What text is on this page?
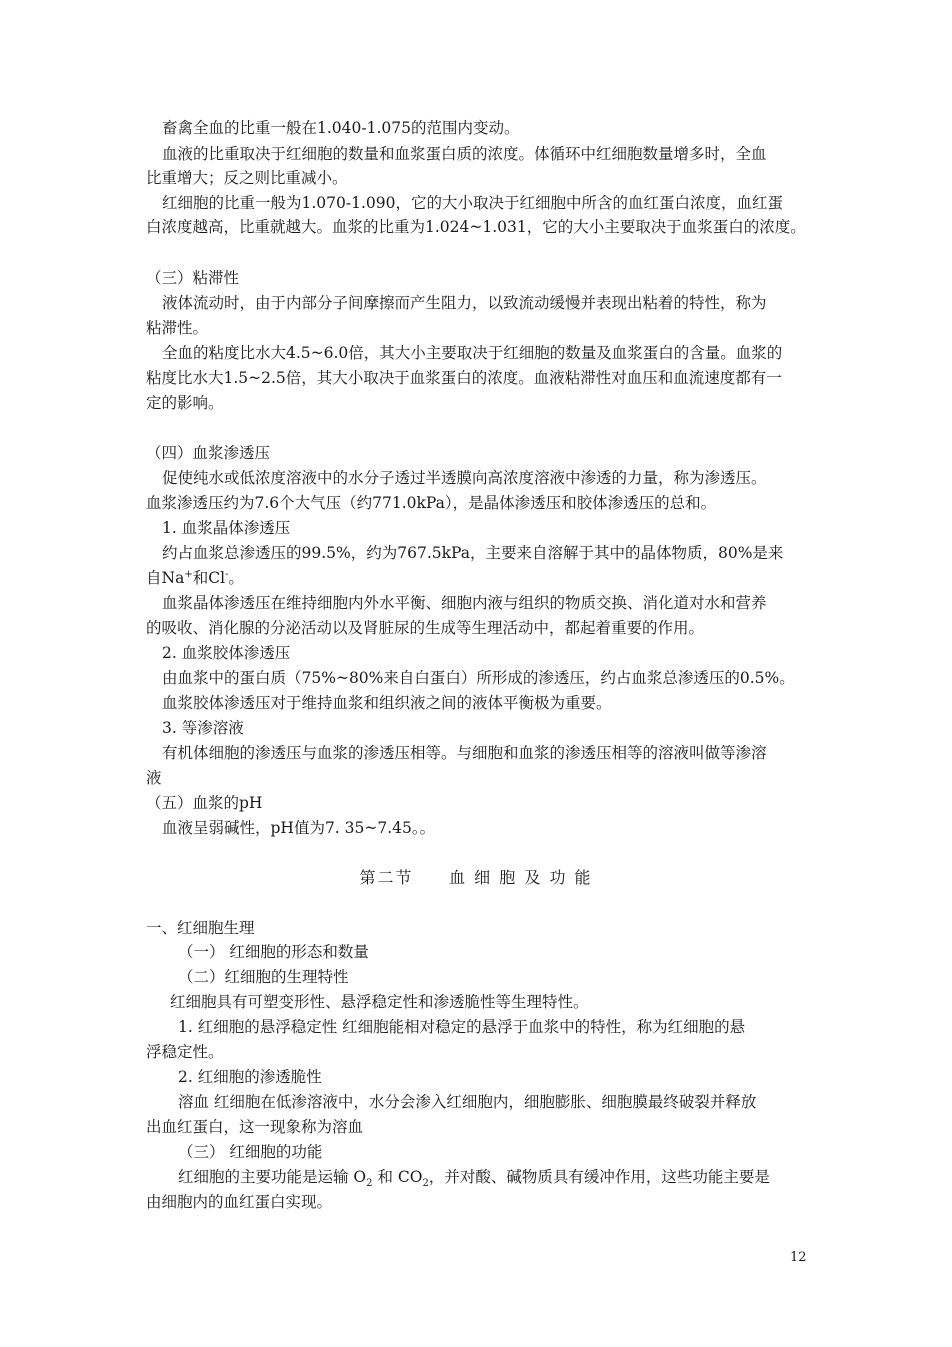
畜禽全血的比重一般在1.040-1.075的范围内变动。
血液的比重取决于红细胞的数量和血浆蛋白质的浓度。体循环中红细胞数量增多时，全血
比重增大；反之则比重减小。
红细胞的比重一般为1.070-1.090，它的大小取决于红细胞中所含的血红蛋白浓度，血红蛋
白浓度越高，比重就越大。血浆的比重为1.024~1.031，它的大小主要取决于血浆蛋白的浓度。
（三）粘滞性
液体流动时，由于内部分子间摩擦而产生阻力，以致流动缓慢并表现出粘着的特性，称为
粘滞性。
全血的粘度比水大4.5~6.0倍，其大小主要取决于红细胞的数量及血浆蛋白的含量。血浆的
粘度比水大1.5~2.5倍，其大小取决于血浆蛋白的浓度。血液粘滞性对血压和血流速度都有一
定的影响。
（四）血浆渗透压
促使纯水或低浓度溶液中的水分子透过半透膜向高浓度溶液中渗透的力量，称为渗透压。
血浆渗透压约为7.6个大气压（约771.0kPa），是晶体渗透压和胶体渗透压的总和。
1. 血浆晶体渗透压
约占血浆总渗透压的99.5%，约为767.5kPa，主要来自溶解于其中的晶体物质，80%是来
自Na+和Cl-。
血浆晶体渗透压在维持细胞内外水平衡、细胞内液与组织的物质交换、消化道对水和营养
的吸收、消化腺的分泌活动以及肾脏尿的生成等生理活动中，都起着重要的作用。
2. 血浆胶体渗透压
由血浆中的蛋白质（75%~80%来自白蛋白）所形成的渗透压，约占血浆总渗透压的0.5%。
血浆胶体渗透压对于维持血浆和组织液之间的液体平衡极为重要。
3. 等渗溶液
有机体细胞的渗透压与血浆的渗透压相等。与细胞和血浆的渗透压相等的溶液叫做等渗溶
液
（五）血浆的pH
血液呈弱碱性，pH值为7. 35~7.45。。
第二节 血 细 胞 及 功 能
一、红细胞生理
（一） 红细胞的形态和数量
（二）红细胞的生理特性
红细胞具有可塑变形性、悬浮稳定性和渗透脆性等生理特性。
1. 红细胞的悬浮稳定性 红细胞能相对稳定的悬浮于血浆中的特性，称为红细胞的悬
浮稳定性。
2. 红细胞的渗透脆性
溶血 红细胞在低渗溶液中，水分会渗入红细胞内，细胞膨胀、细胞膜最终破裂并释放
出血红蛋白，这一现象称为溶血
（三） 红细胞的功能
红细胞的主要功能是运输 $O_2$ 和 $CO_2$，并对酸、碱物质具有缓冲作用，这些功能主要是
由细胞内的血红蛋白实现。
12
